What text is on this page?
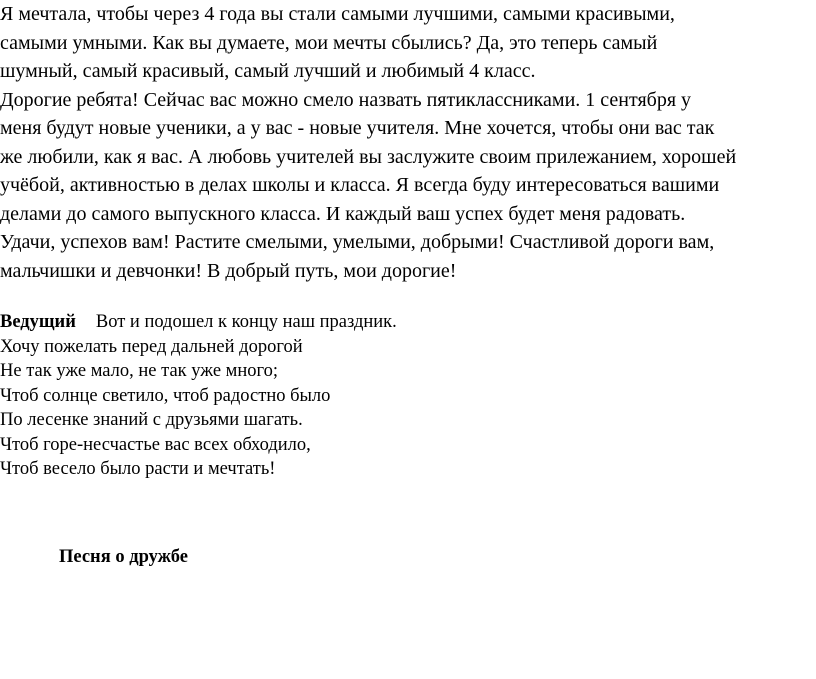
Я мечтала, чтобы через 4 года вы стали самыми лучшими, самыми красивыми,
самыми умными. Как вы думаете, мои мечты сбылись? Да, это теперь самый
шумный, самый красивый, самый лучший и любимый 4 класс.

Дорогие ребята! Сейчас вас можно смело назвать пятиклассниками. 1 сентября у
меня будут новые ученики, а у вас - новые учителя. Мне хочется, чтобы они вас так
же любили, как я вас. А любовь учителей вы заслужите своим прилежанием, хорошей
учёбой, активностью в делах школы и класса. Я всегда буду интересоваться вашими
делами до самого выпускного класса. И каждый ваш успех будет меня радовать.
Удачи, успехов вам! Растите смелыми, умелыми, добрыми! Счастливой дороги вам,
мальчишки и девчонки! В добрый путь, мои дорогие!

Ведущий Вот и подошел к концу наш праздник.
Хочу пожелать перед дальней дорогой
Не так уже мало, не так уже много;
Чтоб солнце светило, чтоб радостно было
По лесенке знаний с друзьями шагать.
Чтоб горе-несчастье вас всех обходило,
Чтоб весело было расти и мечтать!

Песня о дружбе
